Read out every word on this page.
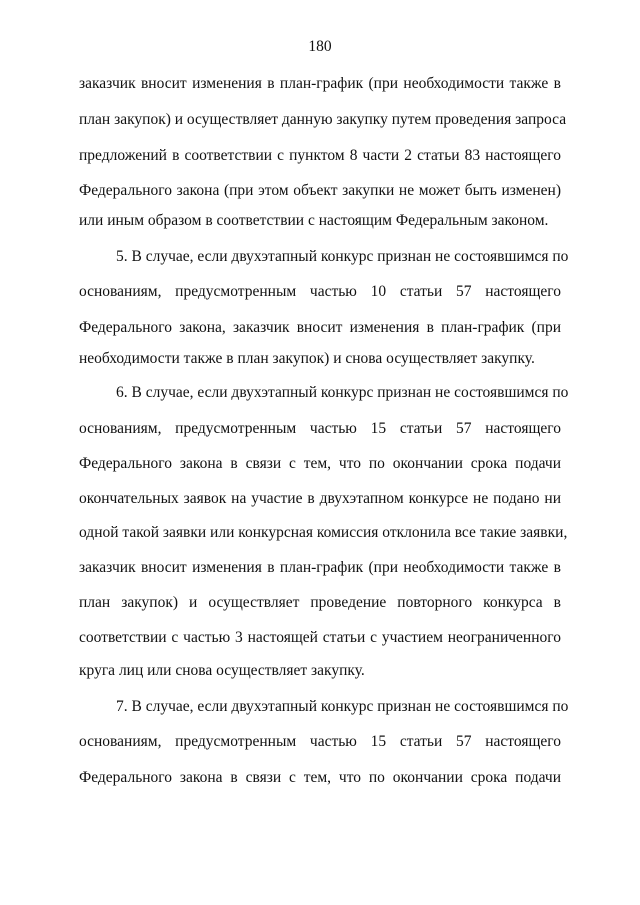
180
заказчик вносит изменения в план-график (при необходимости также в
план закупок) и осуществляет данную закупку путем проведения запроса
предложений в соответствии с пунктом 8 части 2 статьи 83 настоящего
Федерального закона (при этом объект закупки не может быть изменен)
или иным образом в соответствии с настоящим Федеральным законом.
5. В случае, если двухэтапный конкурс признан не состоявшимся по
основаниям, предусмотренным частью 10 статьи 57 настоящего
Федерального закона, заказчик вносит изменения в план-график (при
необходимости также в план закупок) и снова осуществляет закупку.
6. В случае, если двухэтапный конкурс признан не состоявшимся по
основаниям, предусмотренным частью 15 статьи 57 настоящего
Федерального закона в связи с тем, что по окончании срока подачи
окончательных заявок на участие в двухэтапном конкурсе не подано ни
одной такой заявки или конкурсная комиссия отклонила все такие заявки,
заказчик вносит изменения в план-график (при необходимости также в
план закупок) и осуществляет проведение повторного конкурса в
соответствии с частью 3 настоящей статьи с участием неограниченного
круга лиц или снова осуществляет закупку.
7. В случае, если двухэтапный конкурс признан не состоявшимся по
основаниям, предусмотренным частью 15 статьи 57 настоящего
Федерального закона в связи с тем, что по окончании срока подачи
